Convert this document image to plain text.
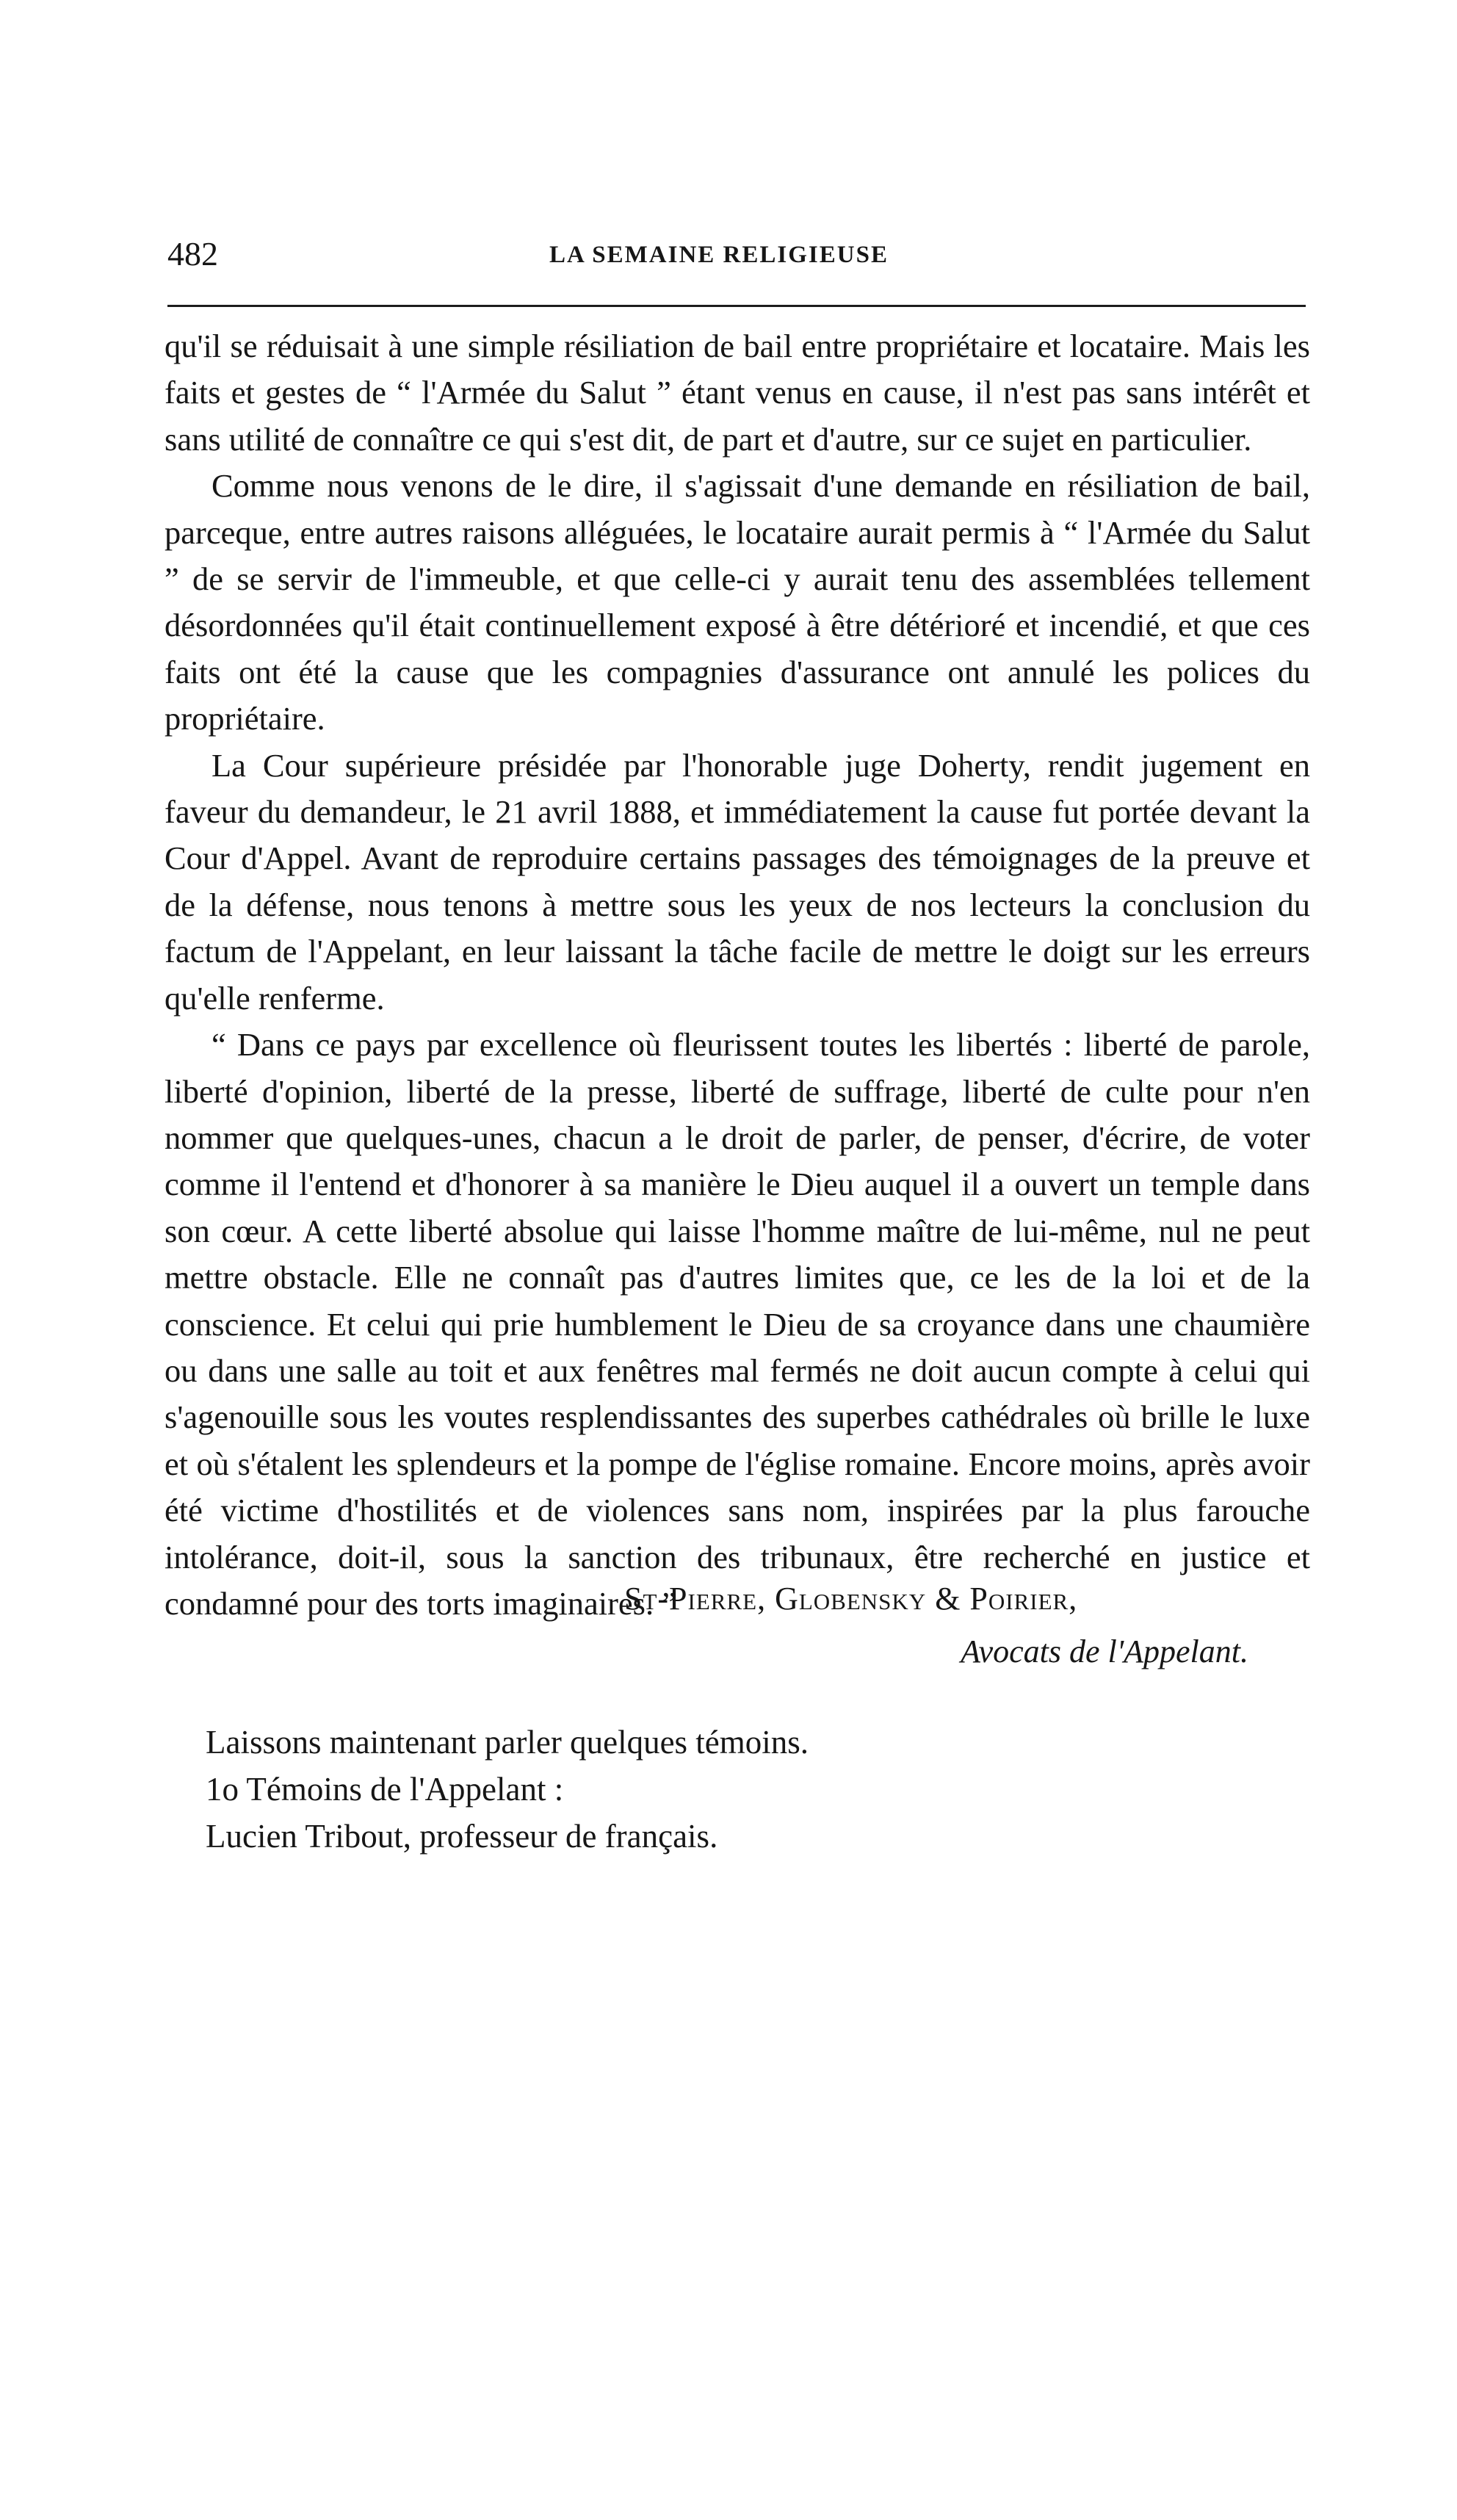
482	LA SEMAINE RELIGIEUSE

qu'il se réduisait à une simple résiliation de bail entre propriétaire et locataire. Mais les faits et gestes de “ l'Armée du Salut ” étant venus en cause, il n'est pas sans intérêt et sans utilité de connaître ce qui s'est dit, de part et d'autre, sur ce sujet en particulier.

Comme nous venons de le dire, il s'agissait d'une demande en résiliation de bail, parceque, entre autres raisons alléguées, le locataire aurait permis à “ l'Armée du Salut ” de se servir de l'immeuble, et que celle-ci y aurait tenu des assemblées tellement désordonnées qu'il était continuellement exposé à être détérioré et incendié, et que ces faits ont été la cause que les compagnies d'assurance ont annulé les polices du propriétaire.

La Cour supérieure présidée par l'honorable juge Doherty, rendit jugement en faveur du demandeur, le 21 avril 1888, et immédiatement la cause fut portée devant la Cour d'Appel. Avant de reproduire certains passages des témoignages de la preuve et de la défense, nous tenons à mettre sous les yeux de nos lecteurs la conclusion du factum de l'Appelant, en leur laissant la tâche facile de mettre le doigt sur les erreurs qu'elle renferme.

“ Dans ce pays par excellence où fleurissent toutes les libertés : liberté de parole, liberté d'opinion, liberté de la presse, liberté de suffrage, liberté de culte pour n'en nommer que quelques-unes, chacun a le droit de parler, de penser, d'écrire, de voter comme il l'entend et d'honorer à sa manière le Dieu auquel il a ouvert un temple dans son cœur. A cette liberté absolue qui laisse l'homme maître de lui-même, nul ne peut mettre obstacle. Elle ne connaît pas d'autres limites que, ce les de la loi et de la conscience. Et celui qui prie humblement le Dieu de sa croyance dans une chaumière ou dans une salle au toit et aux fenêtres mal fermés ne doit aucun compte à celui qui s'agenouille sous les voutes resplendissantes des superbes cathédrales où brille le luxe et où s'étalent les splendeurs et la pompe de l'église romaine. Encore moins, après avoir été victime d'hostilités et de violences sans nom, inspirées par la plus farouche intolérance, doit-il, sous la sanction des tribunaux, être recherché en justice et condamné pour des torts imaginaires. ”

St-Pierre, Globensky & Poirier,
Avocats de l'Appelant.
Laissons maintenant parler quelques témoins.
1o Témoins de l'Appelant :
Lucien Tribout, professeur de français.
